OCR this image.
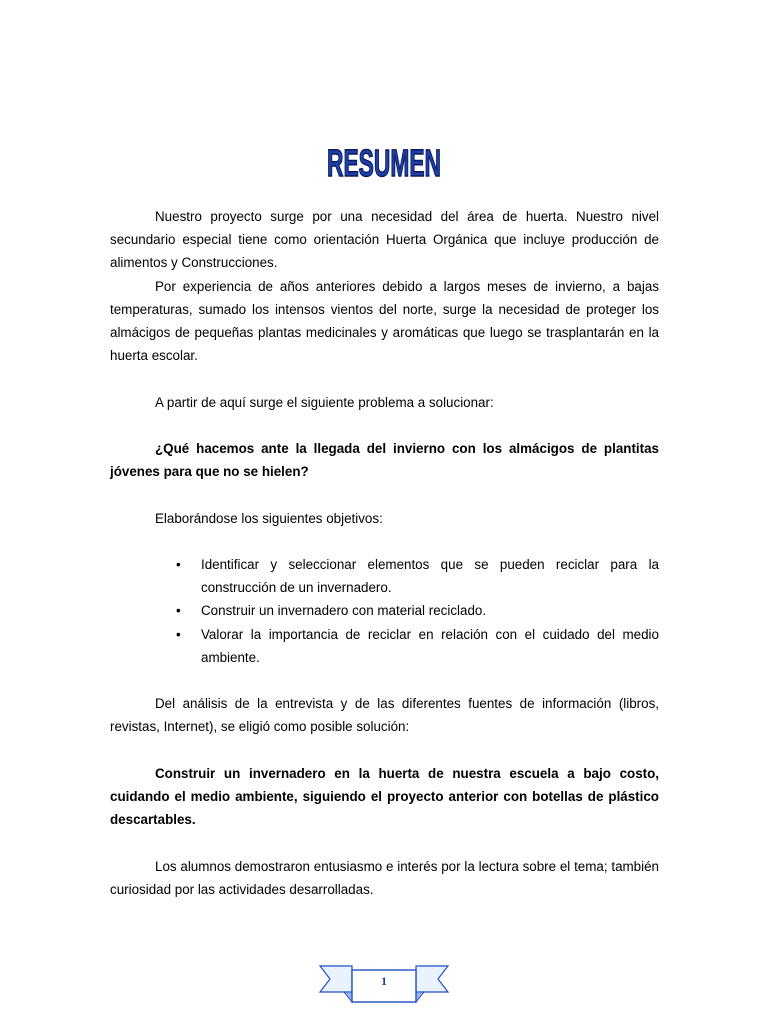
RESUMEN

Nuestro proyecto surge por una necesidad del área de huerta. Nuestro nivel secundario especial tiene como orientación Huerta Orgánica que incluye producción de alimentos y Construcciones.

Por experiencia de años anteriores debido a largos meses de invierno, a bajas temperaturas, sumado los intensos vientos del norte, surge la necesidad de proteger los almácigos de pequeñas plantas medicinales y aromáticas que luego se trasplantarán en la huerta escolar.

A partir de aquí surge el siguiente problema a solucionar:

¿Qué hacemos ante la llegada del invierno con los almácigos de plantitas jóvenes para que no se hielen?

Elaborándose los siguientes objetivos:

• Identificar y seleccionar elementos que se pueden reciclar para la construcción de un invernadero.
• Construir un invernadero con material reciclado.
• Valorar la importancia de reciclar en relación con el cuidado del medio ambiente.

Del análisis de la entrevista y de las diferentes fuentes de información (libros, revistas, Internet), se eligió como posible solución:

Construir un invernadero en la huerta de nuestra escuela a bajo costo, cuidando el medio ambiente, siguiendo el proyecto anterior con botellas de plástico descartables.

Los alumnos demostraron entusiasmo e interés por la lectura sobre el tema; también curiosidad por las actividades desarrolladas.

1
